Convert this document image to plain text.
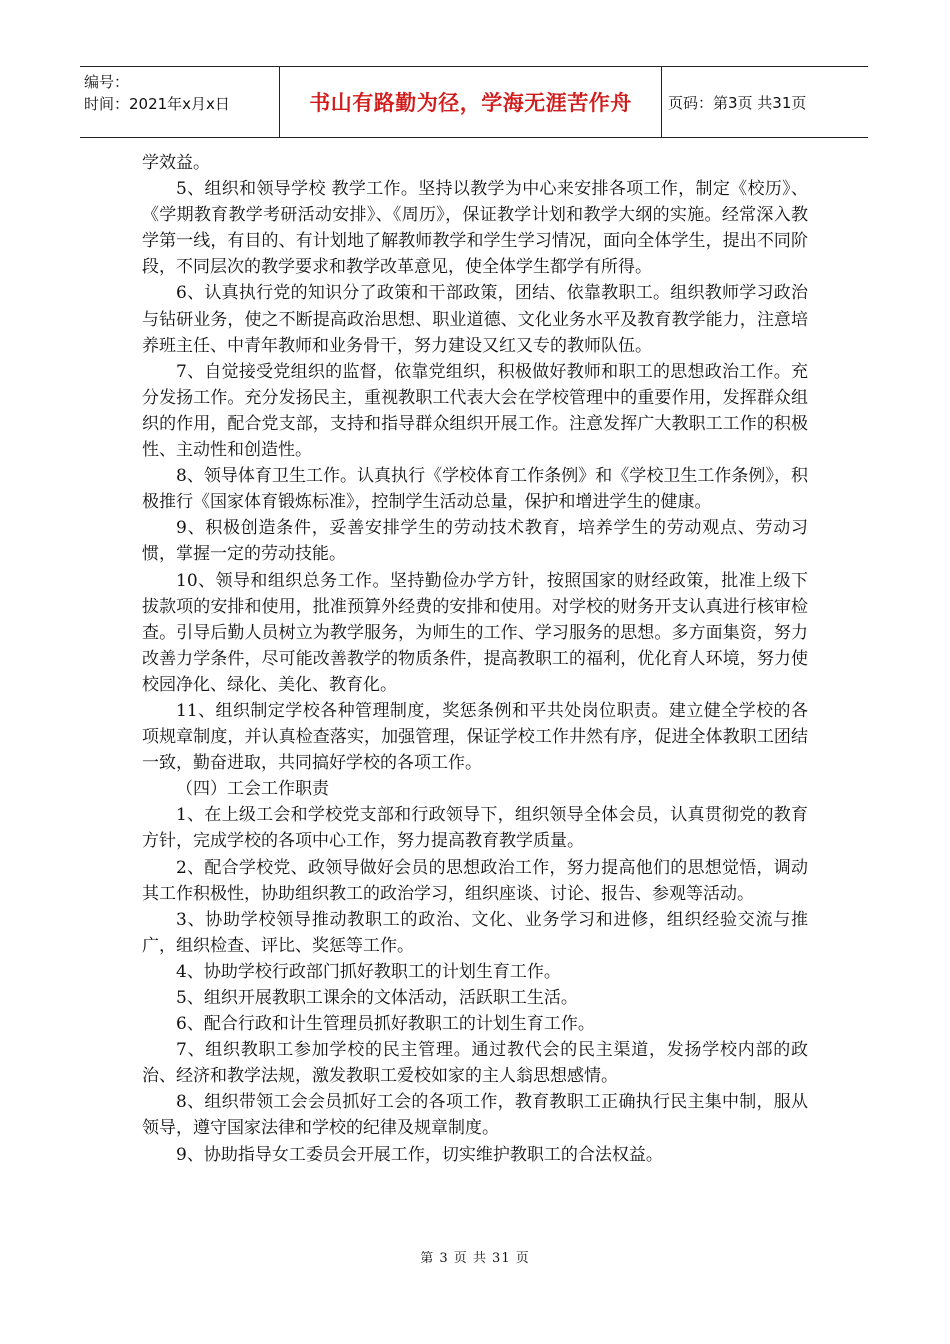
编号：
时间：2021年x月x日	书山有路勤为径，学海无涯苦作舟	页码：第3页 共31页

学效益。

5、组织和领导学校 教学工作。坚持以教学为中心来安排各项工作，制定《校历》、《学期教育教学考研活动安排》、《周历》，保证教学计划和教学大纲的实施。经常深入教学第一线，有目的、有计划地了解教师教学和学生学习情况，面向全体学生，提出不同阶段，不同层次的教学要求和教学改革意见，使全体学生都学有所得。

6、认真执行党的知识分了政策和干部政策，团结、依靠教职工。组织教师学习政治与钻研业务，使之不断提高政治思想、职业道德、文化业务水平及教育教学能力，注意培养班主任、中青年教师和业务骨干，努力建设又红又专的教师队伍。

7、自觉接受党组织的监督，依靠党组织，积极做好教师和职工的思想政治工作。充分发扬工作。充分发扬民主，重视教职工代表大会在学校管理中的重要作用，发挥群众组织的作用，配合党支部，支持和指导群众组织开展工作。注意发挥广大教职工工作的积极性、主动性和创造性。

8、领导体育卫生工作。认真执行《学校体育工作条例》和《学校卫生工作条例》，积极推行《国家体育锻炼标准》，控制学生活动总量，保护和增进学生的健康。

9、积极创造条件，妥善安排学生的劳动技术教育，培养学生的劳动观点、劳动习惯，掌握一定的劳动技能。

10、领导和组织总务工作。坚持勤俭办学方针，按照国家的财经政策，批准上级下拔款项的安排和使用，批准预算外经费的安排和使用。对学校的财务开支认真进行核审检查。引导后勤人员树立为教学服务，为师生的工作、学习服务的思想。多方面集资，努力改善力学条件，尽可能改善教学的物质条件，提高教职工的福利，优化育人环境，努力使校园净化、绿化、美化、教育化。

11、组织制定学校各种管理制度，奖惩条例和平共处岗位职责。建立健全学校的各项规章制度，并认真检查落实，加强管理，保证学校工作井然有序，促进全体教职工团结一致，勤奋进取，共同搞好学校的各项工作。

（四）工会工作职责

1、在上级工会和学校党支部和行政领导下，组织领导全体会员，认真贯彻党的教育方针，完成学校的各项中心工作，努力提高教育教学质量。

2、配合学校党、政领导做好会员的思想政治工作，努力提高他们的思想觉悟，调动其工作积极性，协助组织教工的政治学习，组织座谈、讨论、报告、参观等活动。

3、协助学校领导推动教职工的政治、文化、业务学习和进修，组织经验交流与推广，组织检查、评比、奖惩等工作。

4、协助学校行政部门抓好教职工的计划生育工作。

5、组织开展教职工课余的文体活动，活跃职工生活。

6、配合行政和计生管理员抓好教职工的计划生育工作。

7、组织教职工参加学校的民主管理。通过教代会的民主渠道，发扬学校内部的政治、经济和教学法规，激发教职工爱校如家的主人翁思想感情。

8、组织带领工会会员抓好工会的各项工作，教育教职工正确执行民主集中制，服从领导，遵守国家法律和学校的纪律及规章制度。

9、协助指导女工委员会开展工作，切实维护教职工的合法权益。

第 3 页 共 31 页
